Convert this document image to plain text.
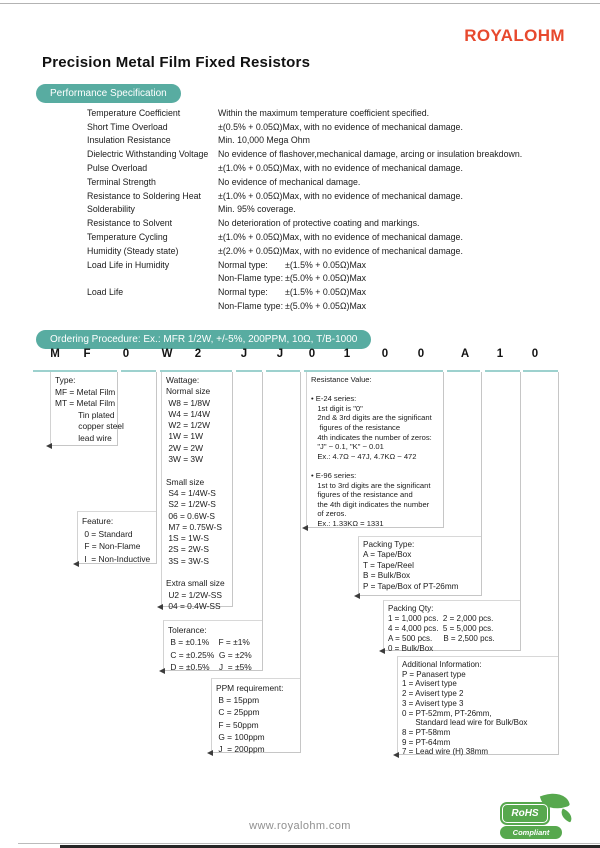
ROYALOHM
Precision Metal Film Fixed Resistors
Performance Specification
Temperature Coefficient	Within the maximum temperature coefficient specified.
Short Time Overload	±(0.5% + 0.05Ω)Max, with no evidence of mechanical damage.
Insulation Resistance	Min. 10,000 Mega Ohm
Dielectric Withstanding Voltage	No evidence of flashover,mechanical damage, arcing or insulation breakdown.
Pulse Overload	±(1.0% + 0.05Ω)Max, with no evidence of mechanical damage.
Terminal Strength	No evidence of mechanical damage.
Resistance to Soldering Heat	±(1.0% + 0.05Ω)Max, with no evidence of mechanical damage.
Solderability	Min. 95% coverage.
Resistance to Solvent	No deterioration of protective coating and markings.
Temperature Cycling	±(1.0% + 0.05Ω)Max, with no evidence of mechanical damage.
Humidity (Steady state)	±(2.0% + 0.05Ω)Max, with no evidence of mechanical damage.
Load Life in Humidity	Normal type:	±(1.5% + 0.05Ω)Max
Non-Flame type: ±(5.0% + 0.05Ω)Max
Load Life	Normal type:	±(1.5% + 0.05Ω)Max
Non-Flame type: ±(5.0% + 0.05Ω)Max
Ordering Procedure: Ex.: MFR 1/2W, +/-5%, 200PPM, 10Ω, T/B-1000
M F	0	W 2	J	J 0 1	0	0	A 1 0
Type:
MF = Metal Film
MT = Metal Film
Tin plated
copper steel
lead wire
Feature:
0 = Standard
F = Non-Flame
I  = Non-Inductive
Wattage:
Normal size
W8 = 1/8W
W4 = 1/4W
W2 = 1/2W
1W = 1W
2W = 2W
3W = 3W

Small size
S4 = 1/4W-S
S2 = 1/2W-S
06 = 0.6W-S
M7 = 0.75W-S
1S = 1W-S
2S = 2W-S
3S = 3W-S

Extra small size
U2 = 1/2W-SS
04 = 0.4W-SS
Tolerance:
B = ±0.1%    F = ±1%
C = ±0.25%  G = ±2%
D = ±0.5%    J  = ±5%
PPM requirement:
B = 15ppm
C = 25ppm
F = 50ppm
G = 100ppm
J  = 200ppm
Resistance Value:

• E-24 series:
1st digit is "0"
2nd & 3rd digits are the significant
figures of the resistance
4th indicates the number of zeros:
"J" ~ 0.1, "K" ~ 0.01
Ex.: 4.7Ω ~ 47J, 4.7KΩ ~ 472

• E-96 series:
1st to 3rd digits are the significant
figures of the resistance and
the 4th digit indicates the number
of zeros.
Ex.: 1.33KΩ = 1331
Packing Type:
A = Tape/Box
T = Tape/Reel
B = Bulk/Box
P = Tape/Box of PT-26mm
Packing Qty:
1 = 1,000 pcs.  2 = 2,000 pcs.
4 = 4,000 pcs.  5 = 5,000 pcs.
A = 500 pcs.     B = 2,500 pcs.
0 = Bulk/Box
Additional Information:
P = Panasert type
1 = Avisert type
2 = Avisert type 2
3 = Avisert type 3
0 = PT-52mm, PT-26mm,
Standard lead wire for Bulk/Box
8 = PT-58mm
9 = PT-64mm
7 = Lead wire (H) 38mm
www.royalohm.com
RoHS
Compliant
